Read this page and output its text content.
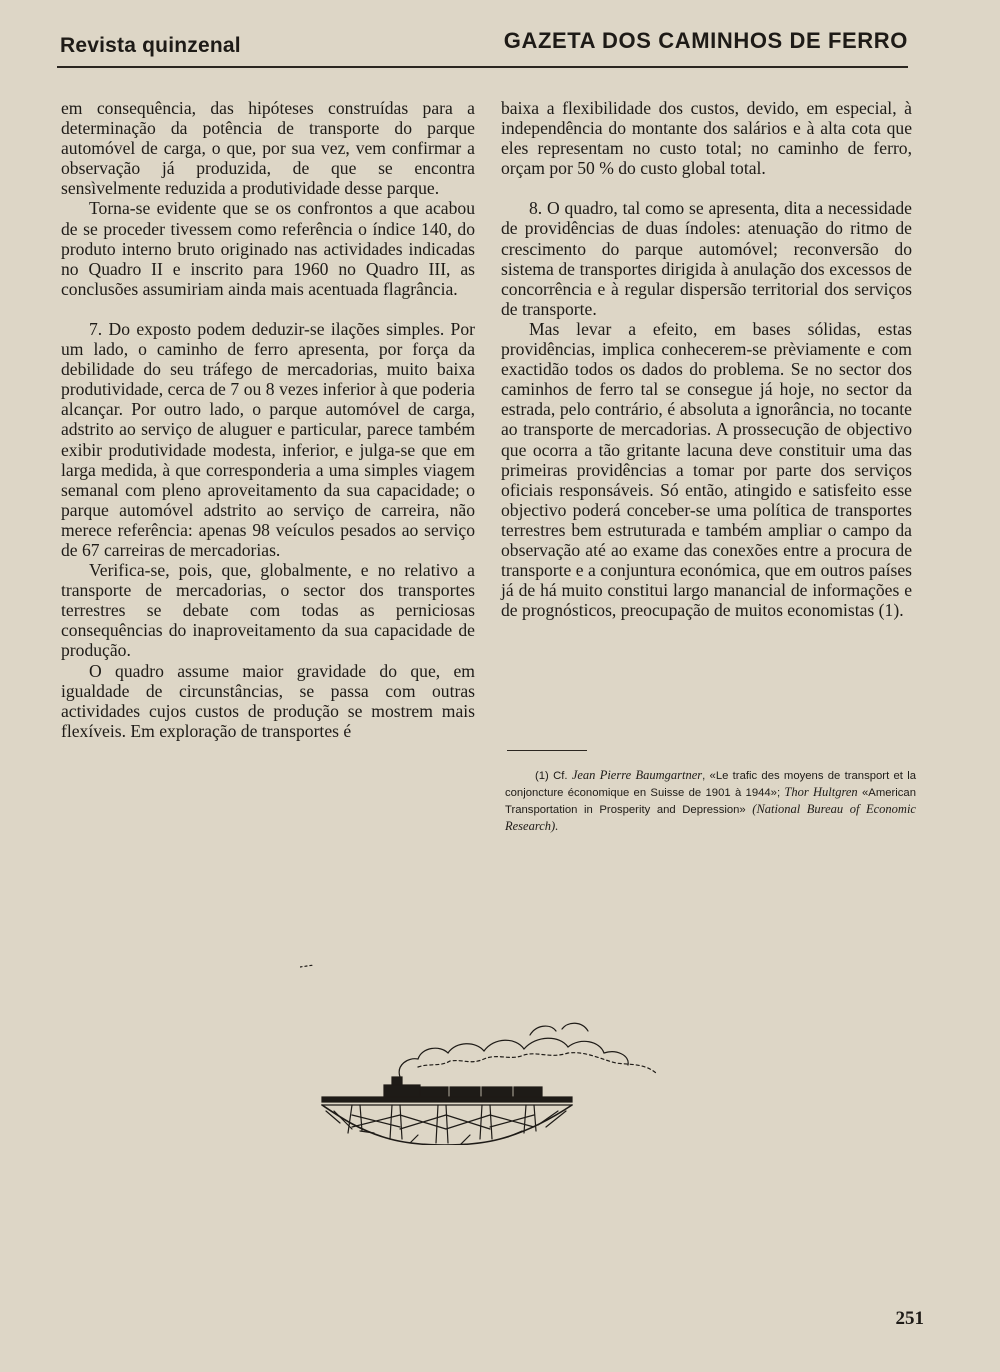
Revista quinzenal	GAZETA DOS CAMINHOS DE FERRO

em consequência, das hipóteses construídas para a determinação da potência de transporte do parque automóvel de carga, o que, por sua vez, vem confirmar a observação já produzida, de que se encontra sensìvelmente reduzida a produtividade desse parque.

Torna-se evidente que se os confrontos a que acabou de se proceder tivessem como referência o índice 140, do produto interno bruto originado nas actividades indicadas no Quadro II e inscrito para 1960 no Quadro III, as conclusões assumiriam ainda mais acentuada flagrância.

7. Do exposto podem deduzir-se ilações simples. Por um lado, o caminho de ferro apresenta, por força da debilidade do seu tráfego de mercadorias, muito baixa produtividade, cerca de 7 ou 8 vezes inferior à que poderia alcançar. Por outro lado, o parque automóvel de carga, adstrito ao serviço de aluguer e particular, parece também exibir produtividade modesta, inferior, e julga-se que em larga medida, à que corresponderia a uma simples viagem semanal com pleno aproveitamento da sua capacidade; o parque automóvel adstrito ao serviço de carreira, não merece referência: apenas 98 veículos pesados ao serviço de 67 carreiras de mercadorias.

Verifica-se, pois, que, globalmente, e no relativo a transporte de mercadorias, o sector dos transportes terrestres se debate com todas as perniciosas consequências do inaproveitamento da sua capacidade de produção.

O quadro assume maior gravidade do que, em igualdade de circunstâncias, se passa com outras actividades cujos custos de produção se mostrem mais flexíveis. Em exploração de transportes é

baixa a flexibilidade dos custos, devido, em especial, à independência do montante dos salários e à alta cota que eles representam no custo total; no caminho de ferro, orçam por 50 % do custo global total.

8. O quadro, tal como se apresenta, dita a necessidade de providências de duas índoles: atenuação do ritmo de crescimento do parque automóvel; reconversão do sistema de transportes dirigida à anulação dos excessos de concorrência e à regular dispersão territorial dos serviços de transporte.

Mas levar a efeito, em bases sólidas, estas providências, implica conhecerem-se prèviamente e com exactidão todos os dados do problema. Se no sector dos caminhos de ferro tal se consegue já hoje, no sector da estrada, pelo contrário, é absoluta a ignorância, no tocante ao transporte de mercadorias. A prossecução de objectivo que ocorra a tão gritante lacuna deve constituir uma das primeiras providências a tomar por parte dos serviços oficiais responsáveis. Só então, atingido e satisfeito esse objectivo poderá conceber-se uma política de transportes terrestres bem estruturada e também ampliar o campo da observação até ao exame das conexões entre a procura de transporte e a conjuntura económica, que em outros países já de há muito constitui largo manancial de informações e de prognósticos, preocupação de muitos economistas (1).

(1) Cf. Jean Pierre Baumgartner, «Le trafic des moyens de transport et la conjoncture économique en Suisse de 1901 à 1944»; Thor Hultgren «American Transportation in Prosperity and Depression» (National Bureau of Economic Research).
251
